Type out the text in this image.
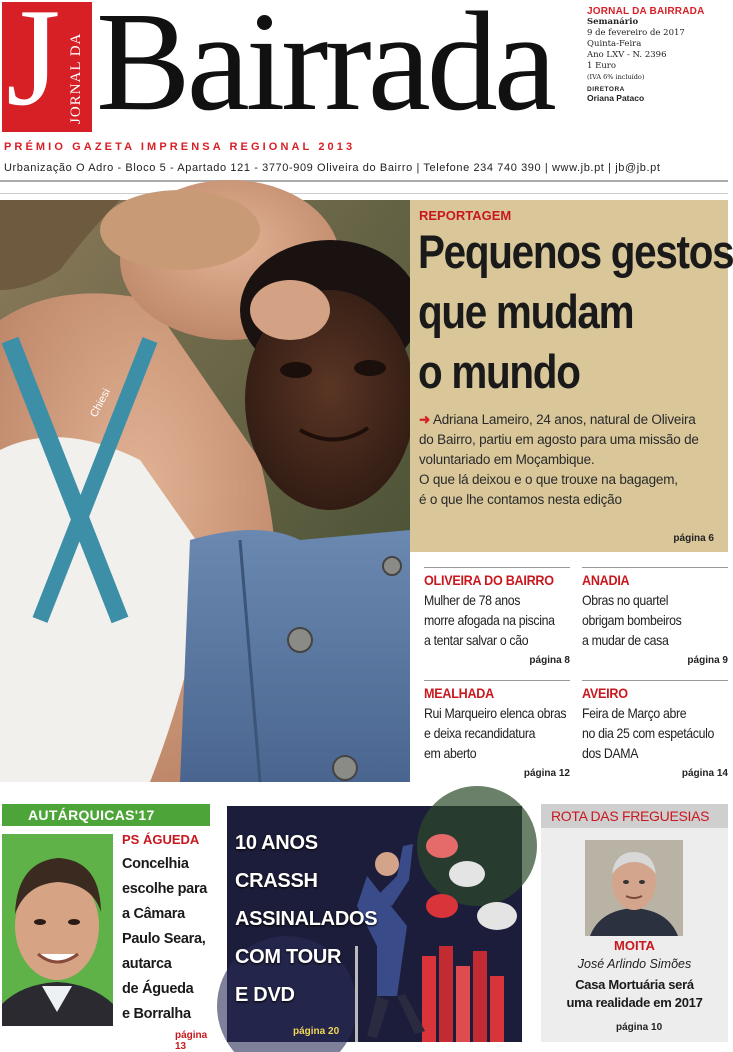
J JORNAL DA Bairrada	JORNAL DA BAIRRADA
Semanário
9 de fevereiro de 2017
Quinta-Feira
Ano LXV - N. 2396
1 Euro
(IVA 6% incluído)
DIRETORA
Oriana Pataco
PRÉMIO GAZETA IMPRENSA REGIONAL 2013
Urbanização O Adro - Bloco 5 - Apartado 121 - 3770-909 Oliveira do Bairro | Telefone 234 740 390 | www.jb.pt | jb@jb.pt
Chiesi
REPORTAGEM
Pequenos gestos
que mudam
o mundo
➜ Adriana Lameiro, 24 anos, natural de Oliveira
do Bairro, partiu em agosto para uma missão de
voluntariado em Moçambique.
O que lá deixou e o que trouxe na bagagem,
é o que lhe contamos nesta edição
página 6
OLIVEIRA DO BAIRRO
Mulher de 78 anos
morre afogada na piscina
a tentar salvar o cão
página 8
ANADIA
Obras no quartel
obrigam bombeiros
a mudar de casa
página 9
MEALHADA
Rui Marqueiro elenca obras
e deixa recandidatura
em aberto
página 12
AVEIRO
Feira de Março abre
no dia 25 com espetáculo
dos DAMA
página 14
AUTÁRQUICAS'17
PS ÁGUEDA
Concelhia
escolhe para
a Câmara
Paulo Seara,
autarca
de Águeda
e Borralha
página 13
10 ANOS
CRASSH
ASSINALADOS
COM TOUR
E DVD
página 20
ROTA DAS FREGUESIAS
MOITA
José Arlindo Simões
Casa Mortuária será
uma realidade em 2017
página 10
